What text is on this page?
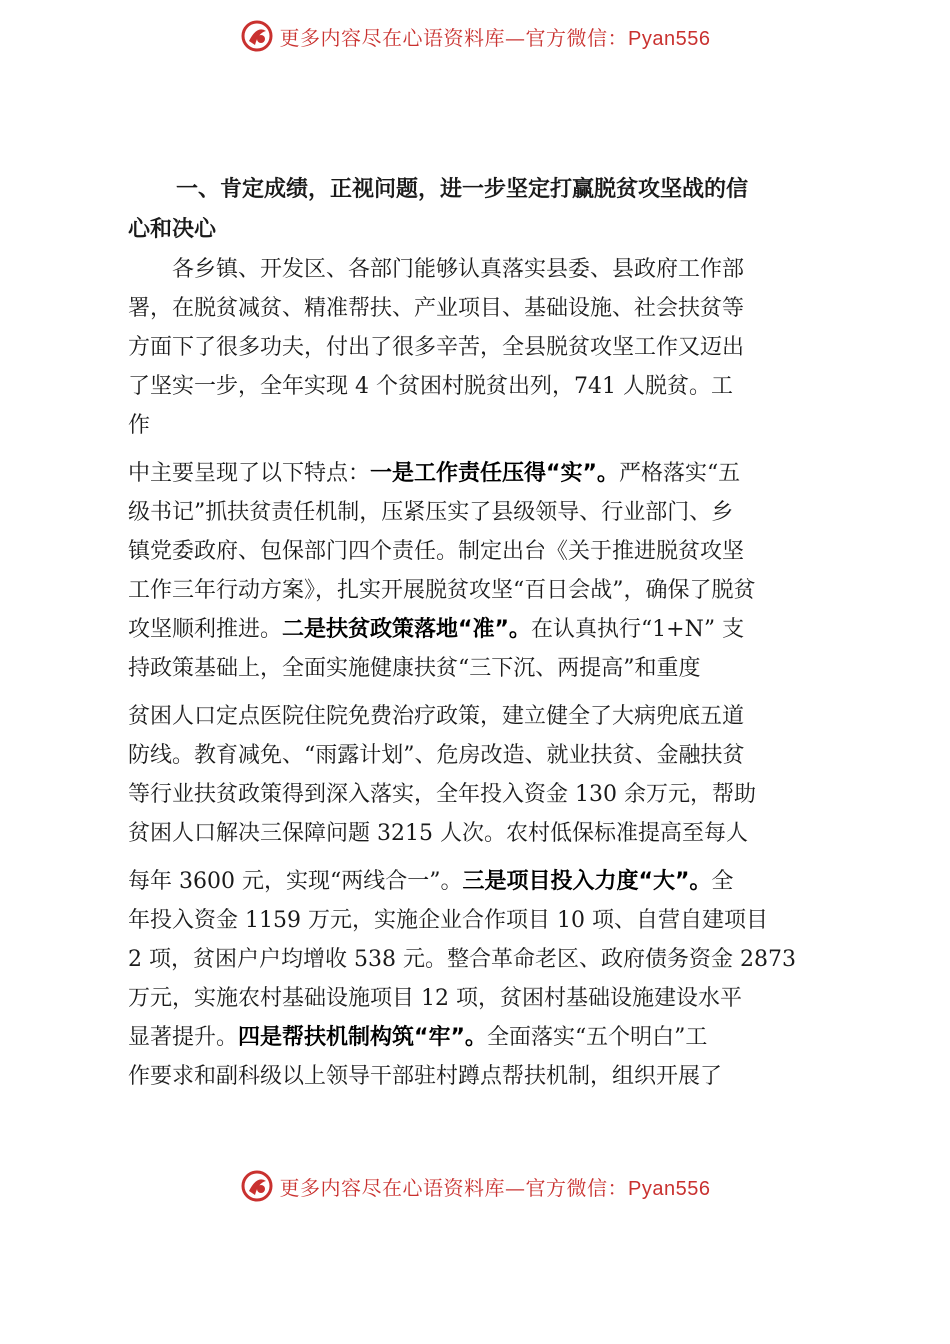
更多内容尽在心语资料库—官方微信：Pyan556

一、肯定成绩，正视问题，进一步坚定打赢脱贫攻坚战的信
心和决心

　　各乡镇、开发区、各部门能够认真落实县委、县政府工作部
署，在脱贫减贫、精准帮扶、产业项目、基础设施、社会扶贫等
方面下了很多功夫，付出了很多辛苦，全县脱贫攻坚工作又迈出
了坚实一步，全年实现 4 个贫困村脱贫出列，741 人脱贫。工
作
中主要呈现了以下特点：一是工作责任压得“实”。严格落实“五
级书记”抓扶贫责任机制，压紧压实了县级领导、行业部门、乡
镇党委政府、包保部门四个责任。制定出台《关于推进脱贫攻坚
工作三年行动方案》，扎实开展脱贫攻坚“百日会战”，确保了脱贫
攻坚顺利推进。二是扶贫政策落地“准”。在认真执行“1+N” 支
持政策基础上，全面实施健康扶贫“三下沉、两提高”和重度
贫困人口定点医院住院免费治疗政策，建立健全了大病兜底五道
防线。教育减免、“雨露计划”、危房改造、就业扶贫、金融扶贫
等行业扶贫政策得到深入落实，全年投入资金 130 余万元，帮助
贫困人口解决三保障问题 3215 人次。农村低保标准提高至每人
每年 3600 元，实现“两线合一”。三是项目投入力度“大”。全
年投入资金 1159 万元，实施企业合作项目 10 项、自营自建项目
2 项，贫困户户均增收 538 元。整合革命老区、政府债务资金 2873
万元，实施农村基础设施项目 12 项，贫困村基础设施建设水平
显著提升。四是帮扶机制构筑“牢”。全面落实“五个明白”工
作要求和副科级以上领导干部驻村蹲点帮扶机制，组织开展了
更多内容尽在心语资料库—官方微信：Pyan556
